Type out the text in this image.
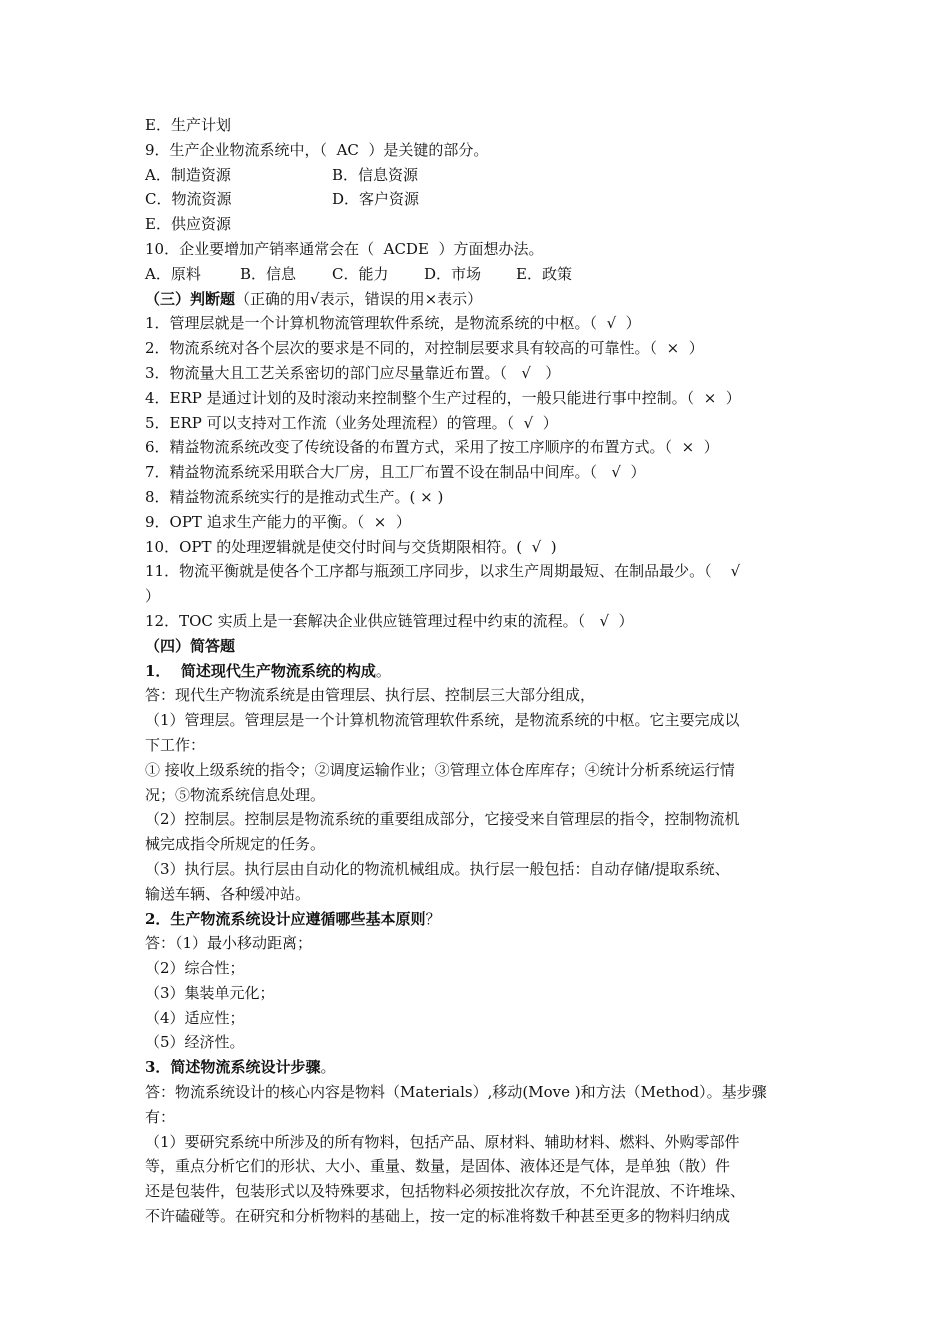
E．生产计划
9．生产企业物流系统中，（  AC  ）是关键的部分。
A．制造资源	B．信息资源
C．物流资源	D．客户资源
E．供应资源
10．企业要增加产销率通常会在（  ACDE  ）方面想办法。
A．原料	B．信息 C．能力 D．市场 E．政策
（三）判断题（正确的用√表示，错误的用×表示）
1．管理层就是一个计算机物流管理软件系统，是物流系统的中枢。（  √  ）
2．物流系统对各个层次的要求是不同的，对控制层要求具有较高的可靠性。（  ×  ）
3．物流量大且工艺关系密切的部门应尽量靠近布置。（   √   ）
4．ERP 是通过计划的及时滚动来控制整个生产过程的，一般只能进行事中控制。（  ×  ）
5．ERP 可以支持对工作流（业务处理流程）的管理。（  √  ）
6．精益物流系统改变了传统设备的布置方式，采用了按工序顺序的布置方式。（  ×  ）
7．精益物流系统采用联合大厂房，且工厂布置不设在制品中间库。（   √  ）
8．精益物流系统实行的是推动式生产。( × )
9．OPT 追求生产能力的平衡。（  ×  ）
10．OPT 的处理逻辑就是使交付时间与交货期限相符。(  √  )
11．物流平衡就是使各个工序都与瓶颈工序同步，以求生产周期最短、在制品最少。（    √
）
12．TOC 实质上是一套解决企业供应链管理过程中约束的流程。（   √  ）
（四）简答题
1．  简述现代生产物流系统的构成。
答：现代生产物流系统是由管理层、执行层、控制层三大部分组成，
（1）管理层。管理层是一个计算机物流管理软件系统，是物流系统的中枢。它主要完成以
下工作：
① 接收上级系统的指令；②调度运输作业；③管理立体仓库库存；④统计分析系统运行情
况；⑤物流系统信息处理。
（2）控制层。控制层是物流系统的重要组成部分，它接受来自管理层的指令，控制物流机
械完成指令所规定的任务。
（3）执行层。执行层由自动化的物流机械组成。执行层一般包括：自动存储/提取系统、
输送车辆、各种缓冲站。
2．生产物流系统设计应遵循哪些基本原则？
答：（1）最小移动距离；
（2）综合性；
（3）集装单元化；
（4）适应性；
（5）经济性。
3．简述物流系统设计步骤。
答：物流系统设计的核心内容是物料（Materials）,移动(Move )和方法（Method）。基步骤
有：
（1）要研究系统中所涉及的所有物料，包括产品、原材料、辅助材料、燃料、外购零部件
等，重点分析它们的形状、大小、重量、数量，是固体、液体还是气体，是单独（散）件
还是包装件，包装形式以及特殊要求，包括物料必须按批次存放，不允许混放、不许堆垛、
不许磕碰等。在研究和分析物料的基础上，按一定的标准将数千种甚至更多的物料归纳成
